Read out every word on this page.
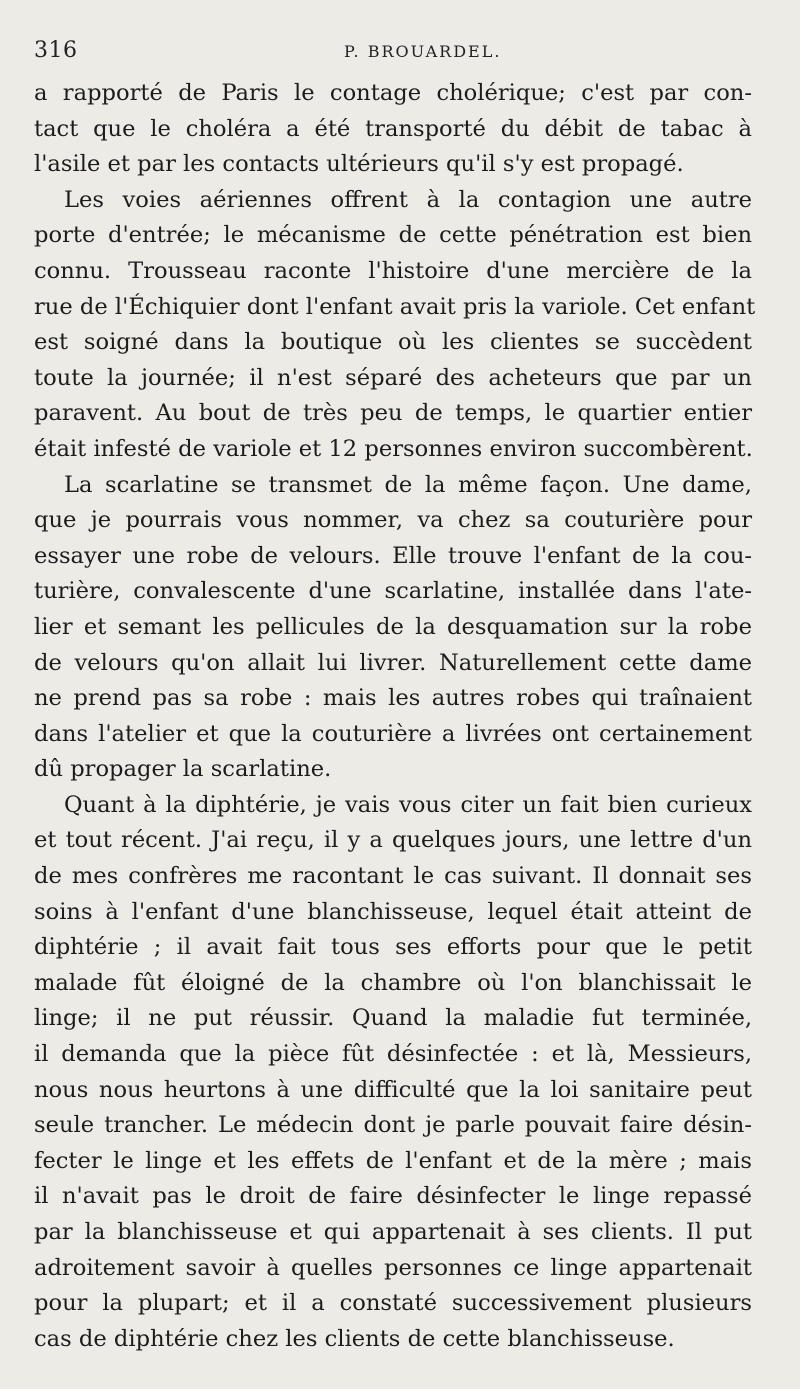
316	P. BROUARDEL.
a rapporté de Paris le contage cholérique; c'est par con-
tact que le choléra a été transporté du débit de tabac à
l'asile et par les contacts ultérieurs qu'il s'y est propagé.
Les voies aériennes offrent à la contagion une autre
porte d'entrée; le mécanisme de cette pénétration est bien
connu. Trousseau raconte l'histoire d'une mercière de la
rue de l'Échiquier dont l'enfant avait pris la variole. Cet enfant
est soigné dans la boutique où les clientes se succèdent
toute la journée; il n'est séparé des acheteurs que par un
paravent. Au bout de très peu de temps, le quartier entier
était infesté de variole et 12 personnes environ succombèrent.
La scarlatine se transmet de la même façon. Une dame,
que je pourrais vous nommer, va chez sa couturière pour
essayer une robe de velours. Elle trouve l'enfant de la cou-
turière, convalescente d'une scarlatine, installée dans l'ate-
lier et semant les pellicules de la desquamation sur la robe
de velours qu'on allait lui livrer. Naturellement cette dame
ne prend pas sa robe : mais les autres robes qui traînaient
dans l'atelier et que la couturière a livrées ont certainement
dû propager la scarlatine.
Quant à la diphtérie, je vais vous citer un fait bien curieux
et tout récent. J'ai reçu, il y a quelques jours, une lettre d'un
de mes confrères me racontant le cas suivant. Il donnait ses
soins à l'enfant d'une blanchisseuse, lequel était atteint de
diphtérie ; il avait fait tous ses efforts pour que le petit
malade fût éloigné de la chambre où l'on blanchissait le
linge; il ne put réussir. Quand la maladie fut terminée,
il demanda que la pièce fût désinfectée : et là, Messieurs,
nous nous heurtons à une difficulté que la loi sanitaire peut
seule trancher. Le médecin dont je parle pouvait faire désin-
fecter le linge et les effets de l'enfant et de la mère ; mais
il n'avait pas le droit de faire désinfecter le linge repassé
par la blanchisseuse et qui appartenait à ses clients. Il put
adroitement savoir à quelles personnes ce linge appartenait
pour la plupart; et il a constaté successivement plusieurs
cas de diphtérie chez les clients de cette blanchisseuse.
